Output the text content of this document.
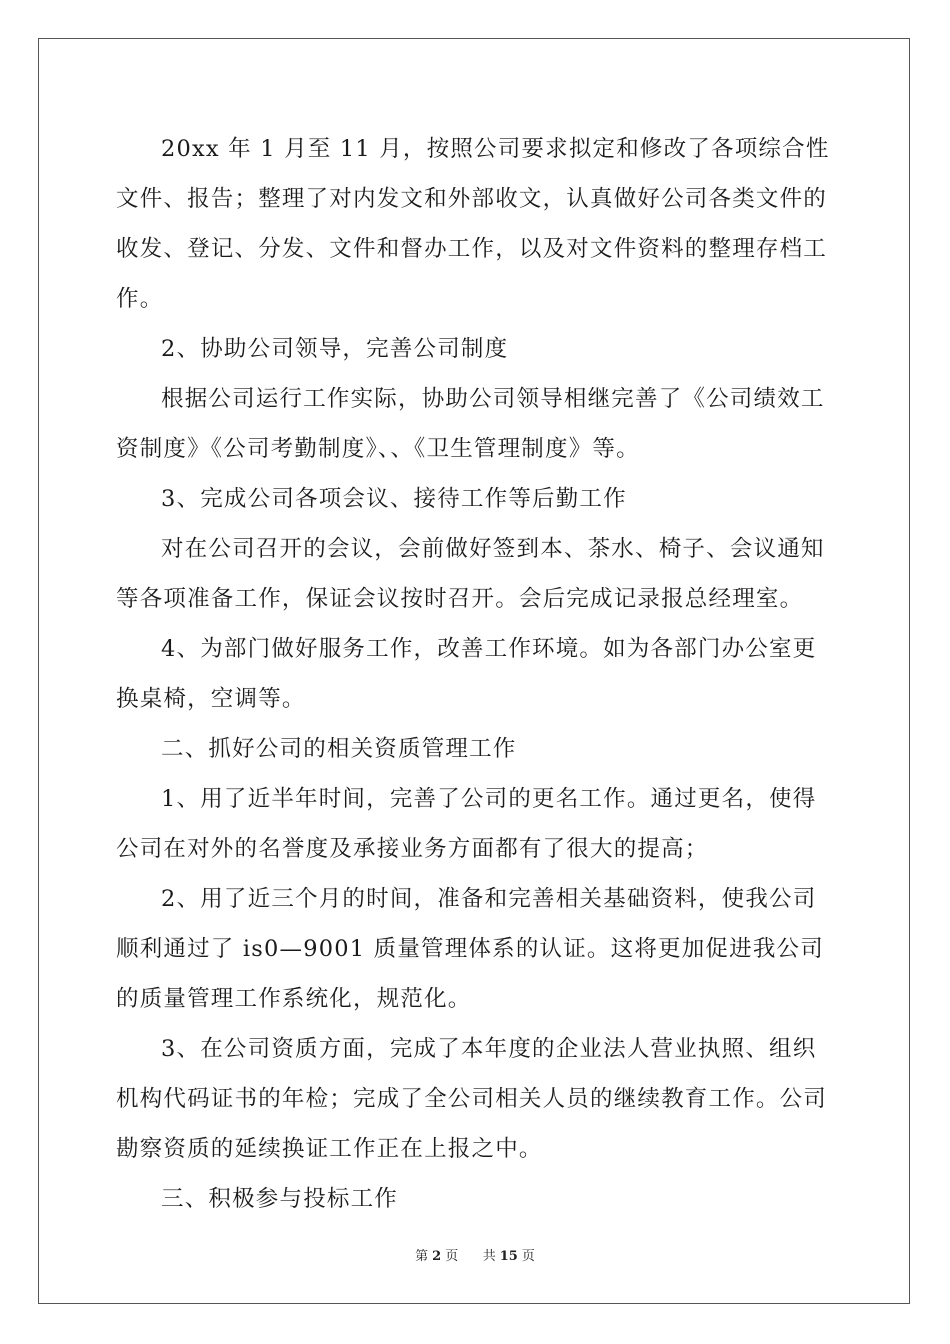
20xx 年 1 月至 11 月，按照公司要求拟定和修改了各项综合性文件、报告；整理了对内发文和外部收文，认真做好公司各类文件的收发、登记、分发、文件和督办工作，以及对文件资料的整理存档工作。

2、协助公司领导，完善公司制度

根据公司运行工作实际，协助公司领导相继完善了《公司绩效工资制度》《公司考勤制度》、、《卫生管理制度》等。

3、完成公司各项会议、接待工作等后勤工作

对在公司召开的会议，会前做好签到本、茶水、椅子、会议通知等各项准备工作，保证会议按时召开。会后完成记录报总经理室。

4、为部门做好服务工作，改善工作环境。如为各部门办公室更换桌椅，空调等。

二、抓好公司的相关资质管理工作

1、用了近半年时间，完善了公司的更名工作。通过更名，使得公司在对外的名誉度及承接业务方面都有了很大的提高；

2、用了近三个月的时间，准备和完善相关基础资料，使我公司顺利通过了 is0—9001 质量管理体系的认证。这将更加促进我公司的质量管理工作系统化，规范化。

3、在公司资质方面，完成了本年度的企业法人营业执照、组织机构代码证书的年检；完成了全公司相关人员的继续教育工作。公司勘察资质的延续换证工作正在上报之中。

三、积极参与投标工作

第 2 页 共 15 页
